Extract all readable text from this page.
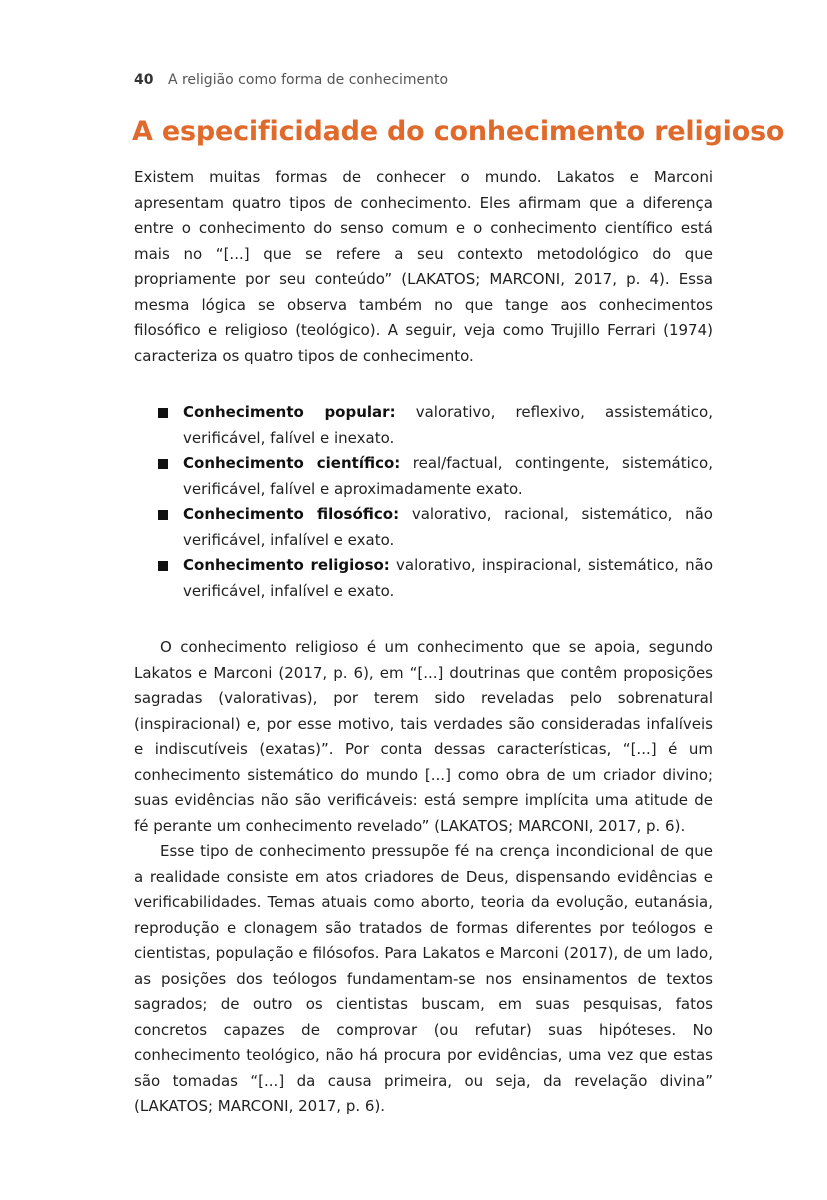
40 A religião como forma de conhecimento
A especificidade do conhecimento religioso

Existem muitas formas de conhecer o mundo. Lakatos e Marconi apresentam quatro tipos de conhecimento. Eles afirmam que a diferença entre o conhecimento do senso comum e o conhecimento científico está mais no “[...] que se refere a seu contexto metodológico do que propriamente por seu conteúdo” (LAKATOS; MARCONI, 2017, p. 4). Essa mesma lógica se observa também no que tange aos conhecimentos filosófico e religioso (teológico). A seguir, veja como Trujillo Ferrari (1974) caracteriza os quatro tipos de conhecimento.

Conhecimento popular: valorativo, reflexivo, assistemático, verificável, falível e inexato.
Conhecimento científico: real/factual, contingente, sistemático, verificável, falível e aproximadamente exato.
Conhecimento filosófico: valorativo, racional, sistemático, não verificável, infalível e exato.
Conhecimento religioso: valorativo, inspiracional, sistemático, não verificável, infalível e exato.

O conhecimento religioso é um conhecimento que se apoia, segundo Lakatos e Marconi (2017, p. 6), em “[...] doutrinas que contêm proposições sagradas (valorativas), por terem sido reveladas pelo sobrenatural (inspiracional) e, por esse motivo, tais verdades são consideradas infalíveis e indiscutíveis (exatas)”. Por conta dessas características, “[...] é um conhecimento sistemático do mundo [...] como obra de um criador divino; suas evidências não são verificáveis: está sempre implícita uma atitude de fé perante um conhecimento revelado” (LAKATOS; MARCONI, 2017, p. 6).

Esse tipo de conhecimento pressupõe fé na crença incondicional de que a realidade consiste em atos criadores de Deus, dispensando evidências e verificabilidades. Temas atuais como aborto, teoria da evolução, eutanásia, reprodução e clonagem são tratados de formas diferentes por teólogos e cientistas, população e filósofos. Para Lakatos e Marconi (2017), de um lado, as posições dos teólogos fundamentam-se nos ensinamentos de textos sagrados; de outro os cientistas buscam, em suas pesquisas, fatos concretos capazes de comprovar (ou refutar) suas hipóteses. No conhecimento teológico, não há procura por evidências, uma vez que estas são tomadas “[...] da causa primeira, ou seja, da revelação divina” (LAKATOS; MARCONI, 2017, p. 6).
